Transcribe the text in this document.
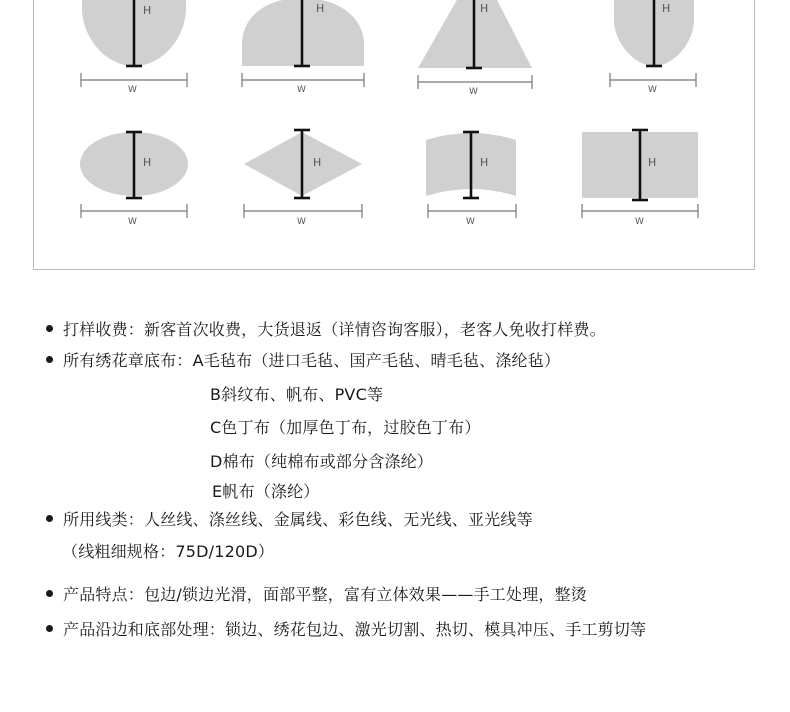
H
W
H
W
H
W
H
W
H
W
H
W
H
W
H
W
打样收费：新客首次收费，大货退返（详情咨询客服），老客人免收打样费。
所有绣花章底布：A毛毡布（进口毛毡、国产毛毡、晴毛毡、涤纶毡）
B斜纹布、帆布、PVC等
C色丁布（加厚色丁布，过胶色丁布）
D棉布（纯棉布或部分含涤纶）
E帆布（涤纶）
所用线类：人丝线、涤丝线、金属线、彩色线、无光线、亚光线等
（线粗细规格：75D/120D）
产品特点：包边/锁边光滑，面部平整，富有立体效果——手工处理，整烫
产品沿边和底部处理：锁边、绣花包边、激光切割、热切、模具冲压、手工剪切等
